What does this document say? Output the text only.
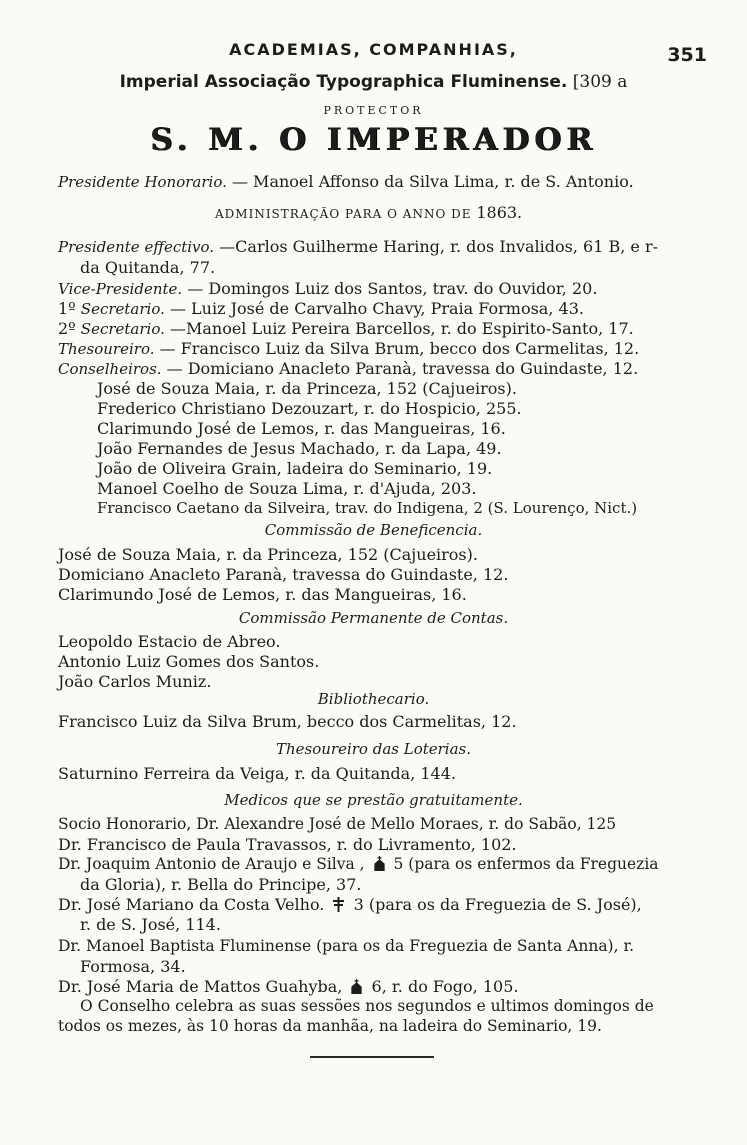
ACADEMIAS, COMPANHIAS,	351
Imperial Associação Typographica Fluminense. [309 a
PROTECTOR
S. M. O IMPERADOR
Presidente Honorario. — Manoel Affonso da Silva Lima, r. de S. Antonio.
ADMINISTRAÇÃO PARA O ANNO DE 1863.
Presidente effectivo. —Carlos Guilherme Haring, r. dos Invalidos, 61 B, e r-
da Quitanda, 77.
Vice-Presidente. — Domingos Luiz dos Santos, trav. do Ouvidor, 20.
1º Secretario. — Luiz José de Carvalho Chavy, Praia Formosa, 43.
2º Secretario. —Manoel Luiz Pereira Barcellos, r. do Espirito-Santo, 17.
Thesoureiro. — Francisco Luiz da Silva Brum, becco dos Carmelitas, 12.
Conselheiros. — Domiciano Anacleto Paranà, travessa do Guindaste, 12.
José de Souza Maia, r. da Princeza, 152 (Cajueiros).
Frederico Christiano Dezouzart, r. do Hospicio, 255.
Clarimundo José de Lemos, r. das Mangueiras, 16.
João Fernandes de Jesus Machado, r. da Lapa, 49.
João de Oliveira Grain, ladeira do Seminario, 19.
Manoel Coelho de Souza Lima, r. d'Ajuda, 203.
Francisco Caetano da Silveira, trav. do Indigena, 2 (S. Lourenço, Nict.)
Commissão de Beneficencia.
José de Souza Maia, r. da Princeza, 152 (Cajueiros).
Domiciano Anacleto Paranà, travessa do Guindaste, 12.
Clarimundo José de Lemos, r. das Mangueiras, 16.
Commissão Permanente de Contas.
Leopoldo Estacio de Abreo.
Antonio Luiz Gomes dos Santos.
João Carlos Muniz.
Bibliothecario.
Francisco Luiz da Silva Brum, becco dos Carmelitas, 12.
Thesoureiro das Loterias.
Saturnino Ferreira da Veiga, r. da Quitanda, 144.
Medicos que se prestão gratuitamente.
Socio Honorario, Dr. Alexandre José de Mello Moraes, r. do Sabão, 125
Dr. Francisco de Paula Travassos, r. do Livramento, 102.
Dr. Joaquim Antonio de Araujo e Silva , 5 (para os enfermos da Freguezia
da Gloria), r. Bella do Principe, 37.
Dr. José Mariano da Costa Velho. 3 (para os da Freguezia de S. José),
r. de S. José, 114.
Dr. Manoel Baptista Fluminense (para os da Freguezia de Santa Anna), r.
Formosa, 34.
Dr. José Maria de Mattos Guahyba, 6, r. do Fogo, 105.
O Conselho celebra as suas sessões nos segundos e ultimos domingos de
todos os mezes, às 10 horas da manhãa, na ladeira do Seminario, 19.
